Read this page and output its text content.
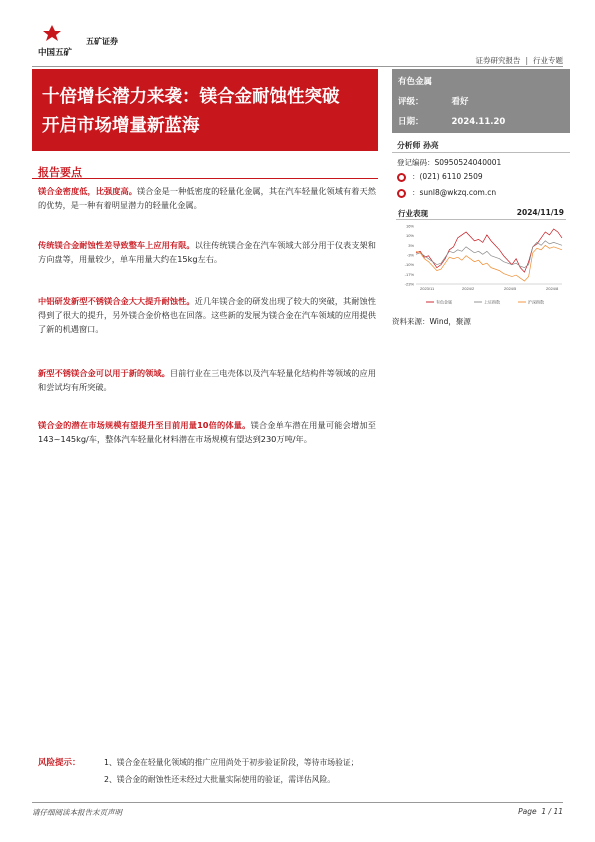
中国五矿
五矿证券
证券研究报告 | 行业专题
十倍增长潜力来袭：镁合金耐蚀性突破
开启市场增量新蓝海
有色金属
评级：	看好
日期：	2024.11.20
报告要点
镁合金密度低，比强度高。镁合金是一种低密度的轻量化金属，其在汽车轻量化领域有着天然的优势，是一种有着明显潜力的轻量化金属。
传统镁合金耐蚀性差导致整车上应用有限。以往传统镁合金在汽车领域大部分用于仪表支架和方向盘等，用量较少，单车用量大约在15kg左右。
中铝研发新型不锈镁合金大大提升耐蚀性。近几年镁合金的研发出现了较大的突破，其耐蚀性得到了很大的提升，另外镁合金价格也在回落。这些新的发展为镁合金在汽车领域的应用提供了新的机遇窗口。
新型不锈镁合金可以用于新的领域。目前行业在三电壳体以及汽车轻量化结构件等领域的应用和尝试均有所突破。
镁合金的潜在市场规模有望提升至目前用量10倍的体量。镁合金单车潜在用量可能会增加至143~145kg/车，整体汽车轻量化材料潜在市场规模有望达到230万吨/年。
分析师 孙亮
登记编码：S0950524040001
：(021) 6110 2509
：sunl8@wkzq.com.cn
行业表现	2024/11/19
16%
10%
3%
-3%
-10%
-17%
-23%
2023/11	2024/2	2024/5	2024/8
有色金属	上证指数	沪深指数
资料来源：Wind，聚源
风险提示：	1、镁合金在轻量化领域的推广应用尚处于初步验证阶段，等待市场验证；
2、镁合金的耐蚀性还未经过大批量实际使用的验证，需详估风险。
请仔细阅读本报告末页声明	Page 1 / 11
